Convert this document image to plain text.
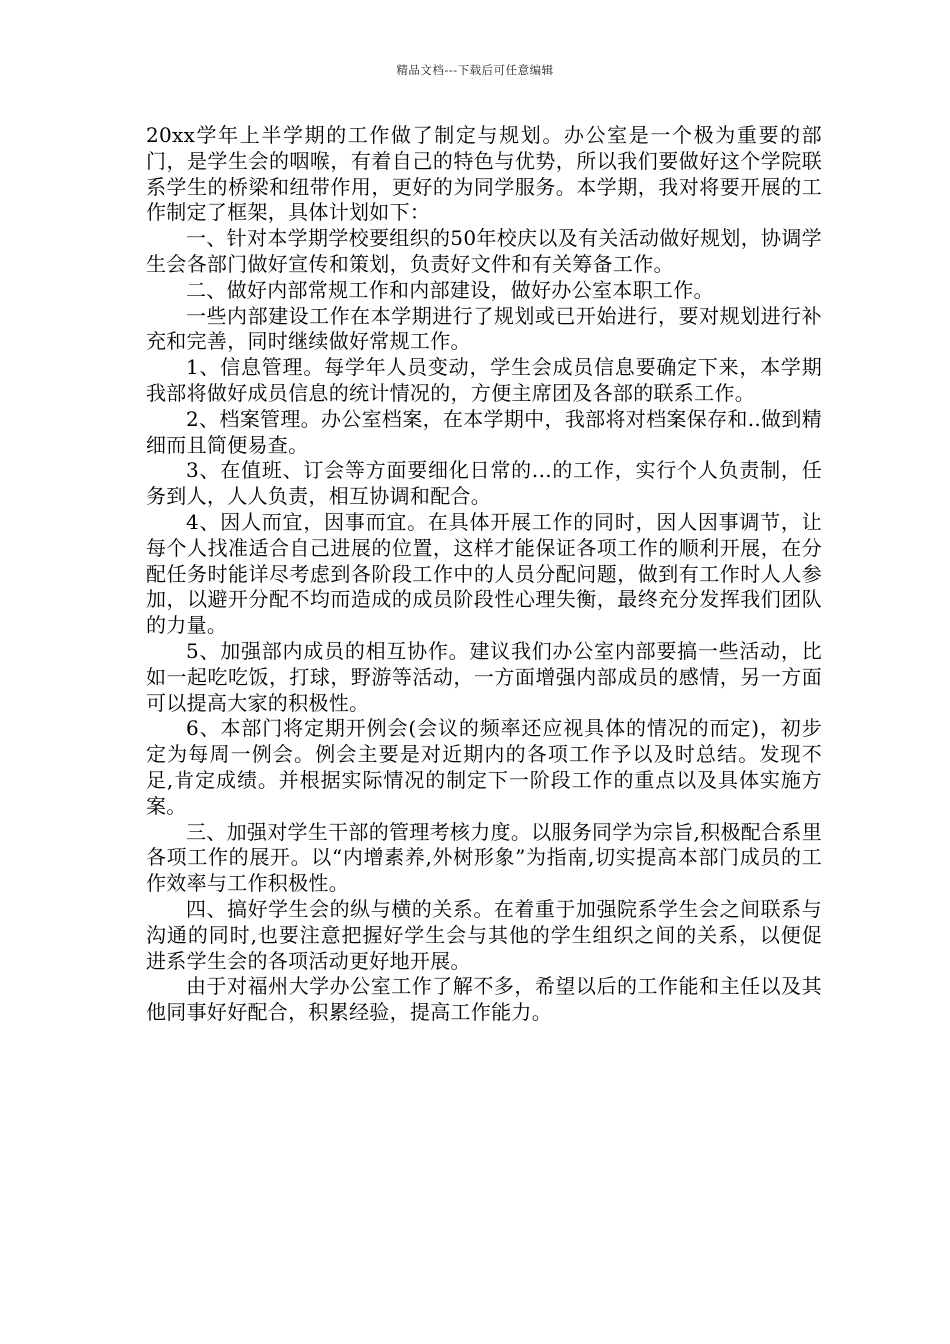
精品文档---下载后可任意编辑

20xx学年上半学期的工作做了制定与规划。办公室是一个极为重要的部门，是学生会的咽喉，有着自己的特色与优势，所以我们要做好这个学院联系学生的桥梁和纽带作用，更好的为同学服务。本学期，我对将要开展的工作制定了框架，具体计划如下：

一、针对本学期学校要组织的50年校庆以及有关活动做好规划，协调学生会各部门做好宣传和策划，负责好文件和有关筹备工作。

二、做好内部常规工作和内部建设，做好办公室本职工作。

一些内部建设工作在本学期进行了规划或已开始进行，要对规划进行补充和完善，同时继续做好常规工作。

1、信息管理。每学年人员变动，学生会成员信息要确定下来，本学期我部将做好成员信息的统计情况的，方便主席团及各部的联系工作。

2、档案管理。办公室档案，在本学期中，我部将对档案保存和..做到精细而且简便易查。

3、在值班、订会等方面要细化日常的...的工作，实行个人负责制，任务到人，人人负责，相互协调和配合。

4、因人而宜，因事而宜。在具体开展工作的同时，因人因事调节，让每个人找准适合自己进展的位置，这样才能保证各项工作的顺利开展，在分配任务时能详尽考虑到各阶段工作中的人员分配问题，做到有工作时人人参加，以避开分配不均而造成的成员阶段性心理失衡，最终充分发挥我们团队的力量。

5、加强部内成员的相互协作。建议我们办公室内部要搞一些活动，比如一起吃吃饭，打球，野游等活动，一方面增强内部成员的感情，另一方面可以提高大家的积极性。

6、本部门将定期开例会(会议的频率还应视具体的情况的而定)，初步定为每周一例会。例会主要是对近期内的各项工作予以及时总结。发现不足,肯定成绩。并根据实际情况的制定下一阶段工作的重点以及具体实施方案。

三、加强对学生干部的管理考核力度。以服务同学为宗旨,积极配合系里各项工作的展开。以“内增素养,外树形象”为指南,切实提高本部门成员的工作效率与工作积极性。

四、搞好学生会的纵与横的关系。在着重于加强院系学生会之间联系与沟通的同时,也要注意把握好学生会与其他的学生组织之间的关系，以便促进系学生会的各项活动更好地开展。

由于对福州大学办公室工作了解不多，希望以后的工作能和主任以及其他同事好好配合，积累经验，提高工作能力。
